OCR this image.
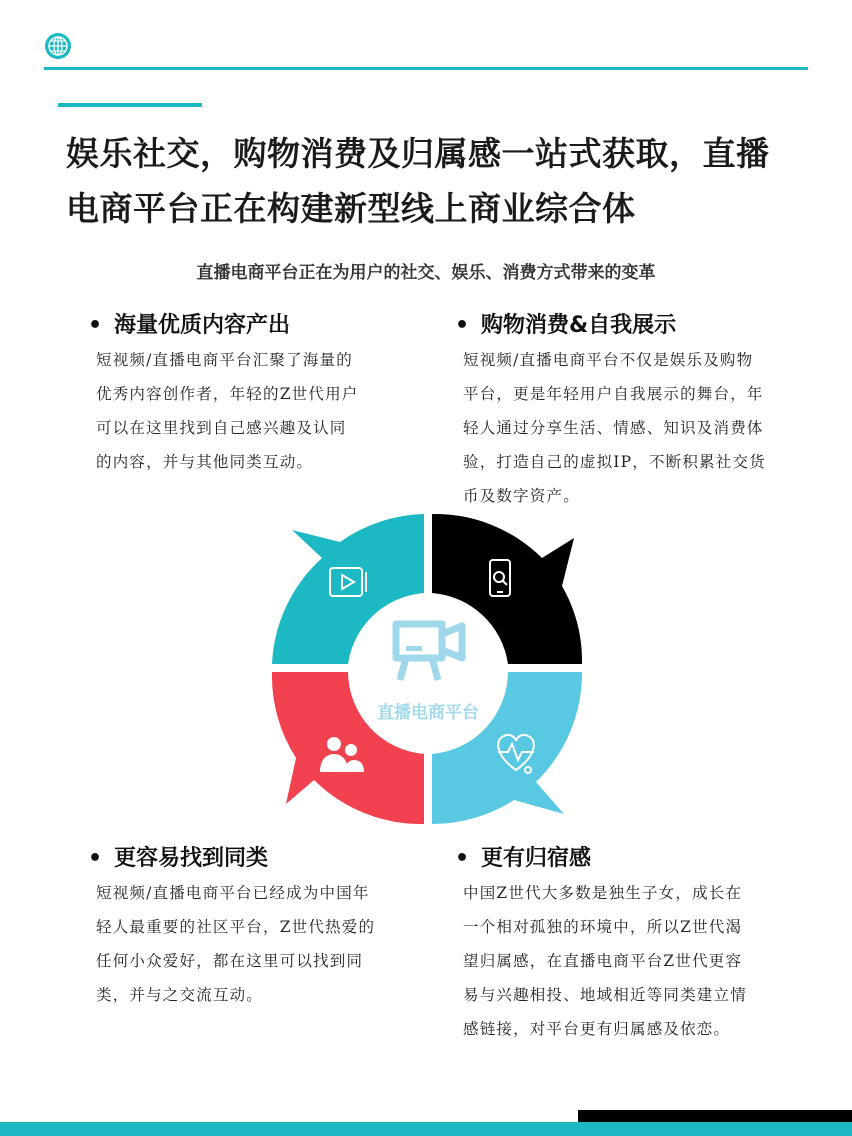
娱乐社交，购物消费及归属感一站式获取，直播
电商平台正在构建新型线上商业综合体
直播电商平台正在为用户的社交、娱乐、消费方式带来的变革
• 海量优质内容产出
短视频/直播电商平台汇聚了海量的
优秀内容创作者，年轻的Z世代用户
可以在这里找到自己感兴趣及认同
的内容，并与其他同类互动。
• 购物消费&自我展示
短视频/直播电商平台不仅是娱乐及购物
平台，更是年轻用户自我展示的舞台，年
轻人通过分享生活、情感、知识及消费体
验，打造自己的虚拟IP，不断积累社交货
币及数字资产。
直播电商平台
• 更容易找到同类
短视频/直播电商平台已经成为中国年
轻人最重要的社区平台，Z世代热爱的
任何小众爱好，都在这里可以找到同
类，并与之交流互动。
• 更有归宿感
中国Z世代大多数是独生子女，成长在
一个相对孤独的环境中，所以Z世代渴
望归属感，在直播电商平台Z世代更容
易与兴趣相投、地域相近等同类建立情
感链接，对平台更有归属感及依恋。
